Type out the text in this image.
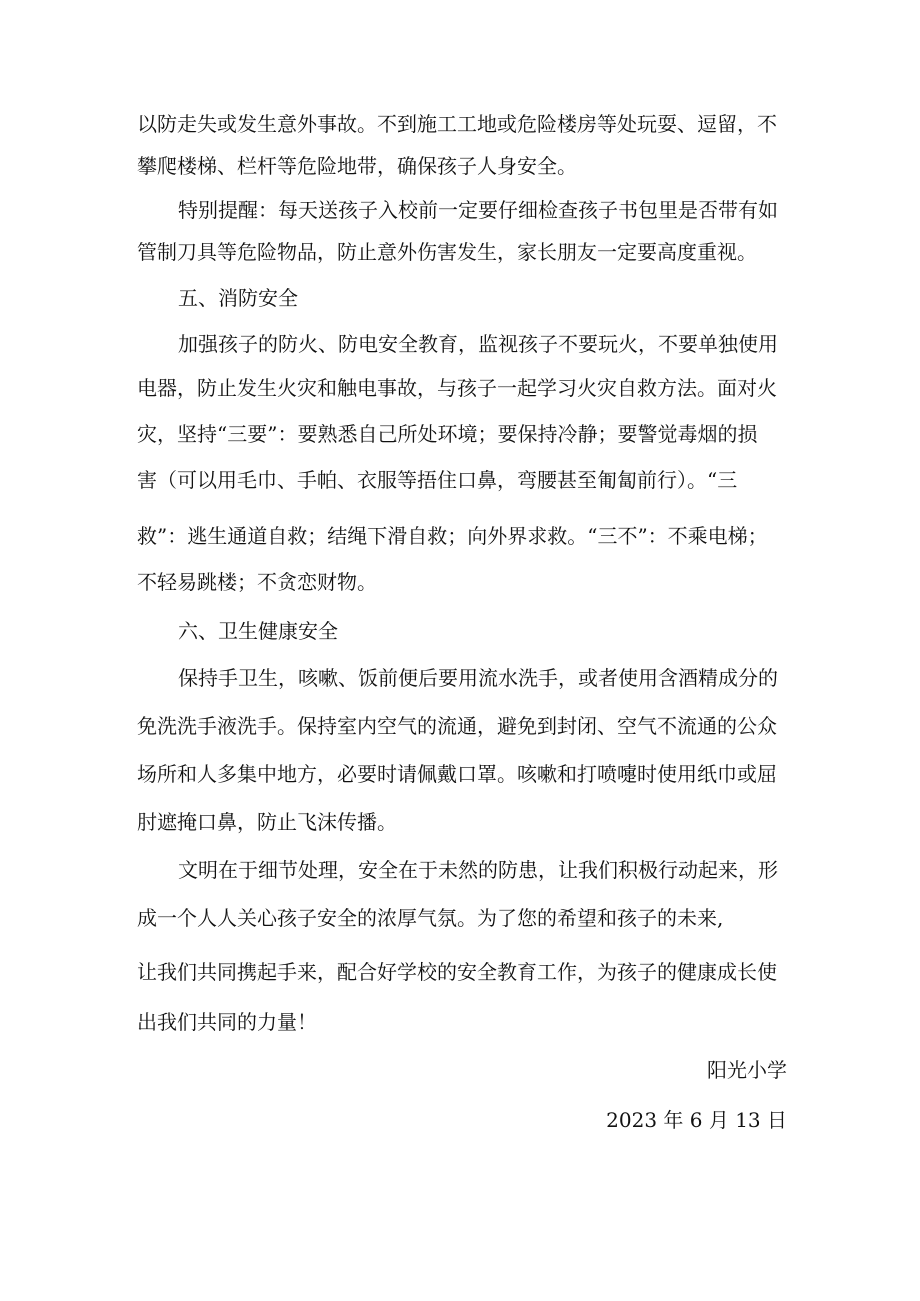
以防走失或发生意外事故。不到施工工地或危险楼房等处玩耍、逗留，不

攀爬楼梯、栏杆等危险地带，确保孩子人身安全。

特别提醒：每天送孩子入校前一定要仔细检查孩子书包里是否带有如

管制刀具等危险物品，防止意外伤害发生，家长朋友一定要高度重视。

五、消防安全

加强孩子的防火、防电安全教育，监视孩子不要玩火，不要单独使用

电器，防止发生火灾和触电事故，与孩子一起学习火灾自救方法。面对火

灾，坚持“三要”：要熟悉自己所处环境；要保持冷静；要警觉毒烟的损

害（可以用毛巾、手帕、衣服等捂住口鼻，弯腰甚至匍匐前行）。“三

救”：逃生通道自救；结绳下滑自救；向外界求救。“三不”：不乘电梯；

不轻易跳楼；不贪恋财物。

六、卫生健康安全

保持手卫生，咳嗽、饭前便后要用流水洗手，或者使用含酒精成分的

免洗洗手液洗手。保持室内空气的流通，避免到封闭、空气不流通的公众

场所和人多集中地方，必要时请佩戴口罩。咳嗽和打喷嚏时使用纸巾或屈

肘遮掩口鼻，防止飞沫传播。

文明在于细节处理，安全在于未然的防患，让我们积极行动起来，形

成一个人人关心孩子安全的浓厚气氛。为了您的希望和孩子的未来,

让我们共同携起手来，配合好学校的安全教育工作，为孩子的健康成长使

出我们共同的力量！

阳光小学

2023 年 6 月 13 日
